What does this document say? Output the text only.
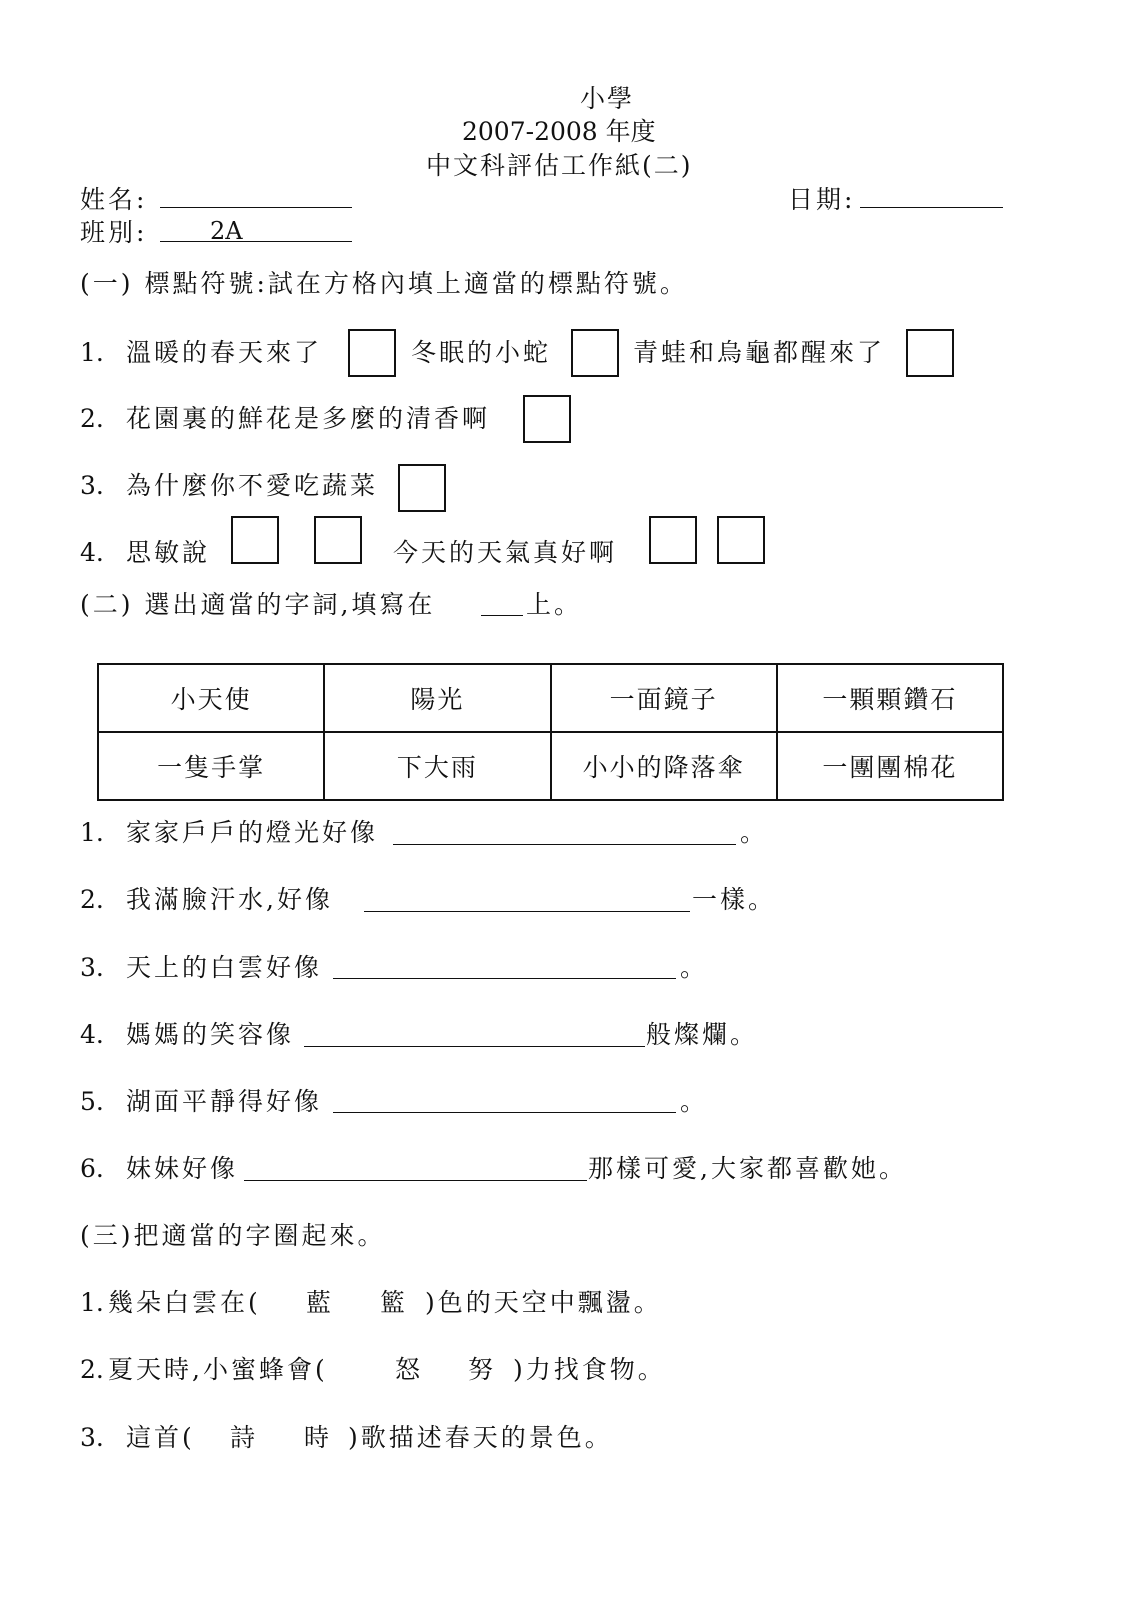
小學
2007-2008 年度
中文科評估工作紙(二)
姓名:	日期:
班別:	2A
(一) 標點符號:試在方格內填上適當的標點符號。
1. 溫暖的春天來了	冬眠的小蛇	青蛙和烏龜都醒來了
2. 花園裏的鮮花是多麼的清香啊
3. 為什麼你不愛吃蔬菜
4. 思敏說	今天的天氣真好啊
(二) 選出適當的字詞,填寫在	上。
小天使	陽光	一面鏡子	一顆顆鑽石
一隻手掌	下大雨	小小的降落傘	一團團棉花
1. 家家戶戶的燈光好像	。
2. 我滿臉汗水,好像	一樣。
3. 天上的白雲好像	。
4. 媽媽的笑容像	般燦爛。
5. 湖面平靜得好像	。
6. 妹妹好像	那樣可愛,大家都喜歡她。
(三)把適當的字圈起來。
1. 幾朵白雲在( 藍 籃 )色的天空中飄盪。
2. 夏天時,小蜜蜂會(	怒 努 )力找食物。
3. 這首( 詩 時 )歌描述春天的景色。
